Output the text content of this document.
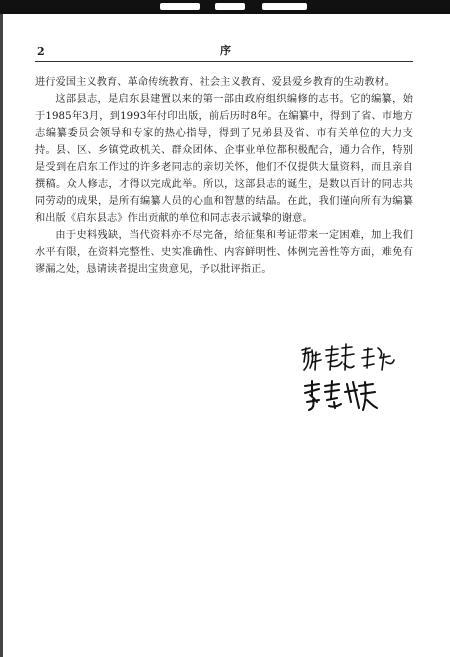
2	序

进行爱国主义教育、革命传统教育、社会主义教育、爱县爱乡教育的生动教材。

这部县志，是启东县建置以来的第一部由政府组织编修的志书。它的编纂，始于1985年3月，到1993年付印出版，前后历时8年。在编纂中，得到了省、市地方志编纂委员会领导和专家的热心指导，得到了兄弟县及省、市有关单位的大力支持。县、区、乡镇党政机关、群众团体、企事业单位都积极配合，通力合作，特别是受到在启东工作过的许多老同志的亲切关怀，他们不仅提供大量资料，而且亲自撰稿。众人修志，才得以完成此举。所以，这部县志的诞生，是数以百计的同志共同劳动的成果，是所有编纂人员的心血和智慧的结晶。在此，我们谨向所有为编纂和出版《启东县志》作出贡献的单位和同志表示诚挚的谢意。

由于史料残缺，当代资料亦不尽完备，给征集和考证带来一定困难，加上我们水平有限，在资料完整性、史实准确性、内容鲜明性、体例完善性等方面，难免有谬漏之处，恳请读者提出宝贵意见，予以批评指正。
